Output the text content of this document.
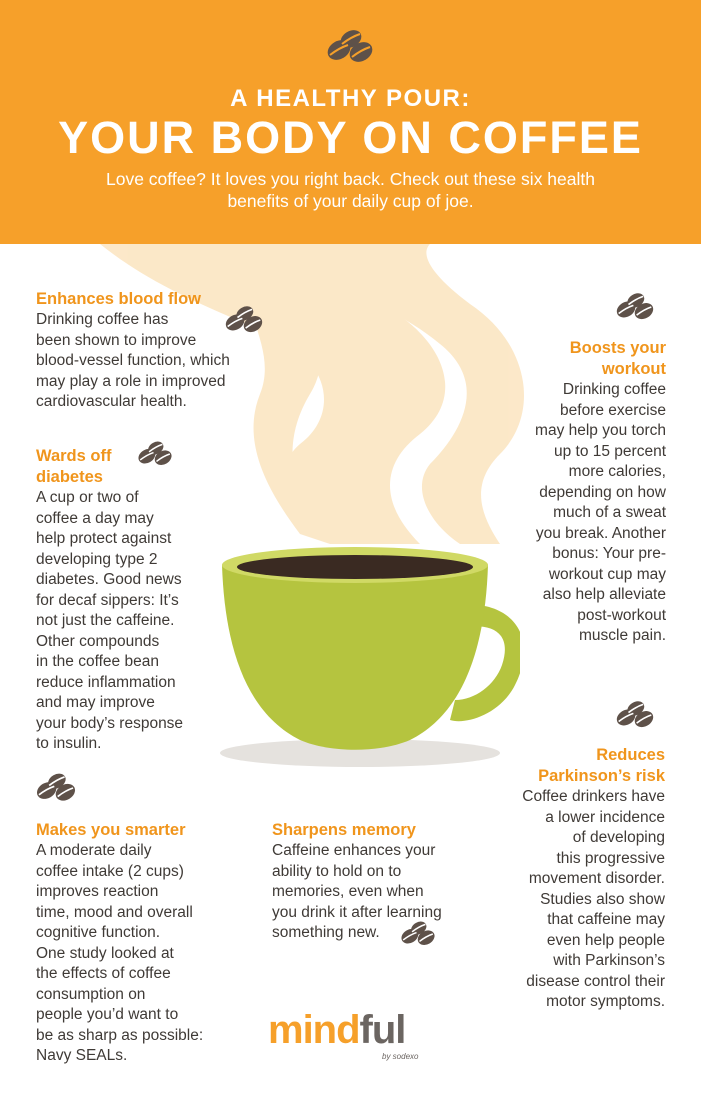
A HEALTHY POUR:
YOUR BODY ON COFFEE
Love coffee? It loves you right back. Check out these six health benefits of your daily cup of joe.
Enhances blood flow

Drinking coffee has
been shown to improve
blood-vessel function, which
may play a role in improved
cardiovascular health.

Wards off
diabetes

A cup or two of
coffee a day may
help protect against
developing type 2
diabetes. Good news
for decaf sippers: It’s
not just the caffeine.
Other compounds
in the coffee bean
reduce inflammation
and may improve
your body’s response
to insulin.

Boosts your
workout

Drinking coffee
before exercise
may help you torch
up to 15 percent
more calories,
depending on how
much of a sweat
you break. Another
bonus: Your pre-
workout cup may
also help alleviate
post-workout
muscle pain.

Reduces
Parkinson’s risk

Coffee drinkers have
a lower incidence
of developing
this progressive
movement disorder.
Studies also show
that caffeine may
even help people
with Parkinson’s
disease control their
motor symptoms.

Makes you smarter

A moderate daily
coffee intake (2 cups)
improves reaction
time, mood and overall
cognitive function.
One study looked at
the effects of coffee
consumption on
people you’d want to
be as sharp as possible:
Navy SEALs.

Sharpens memory

Caffeine enhances your
ability to hold on to
memories, even when
you drink it after learning
something new.

mindful
by sodexo
